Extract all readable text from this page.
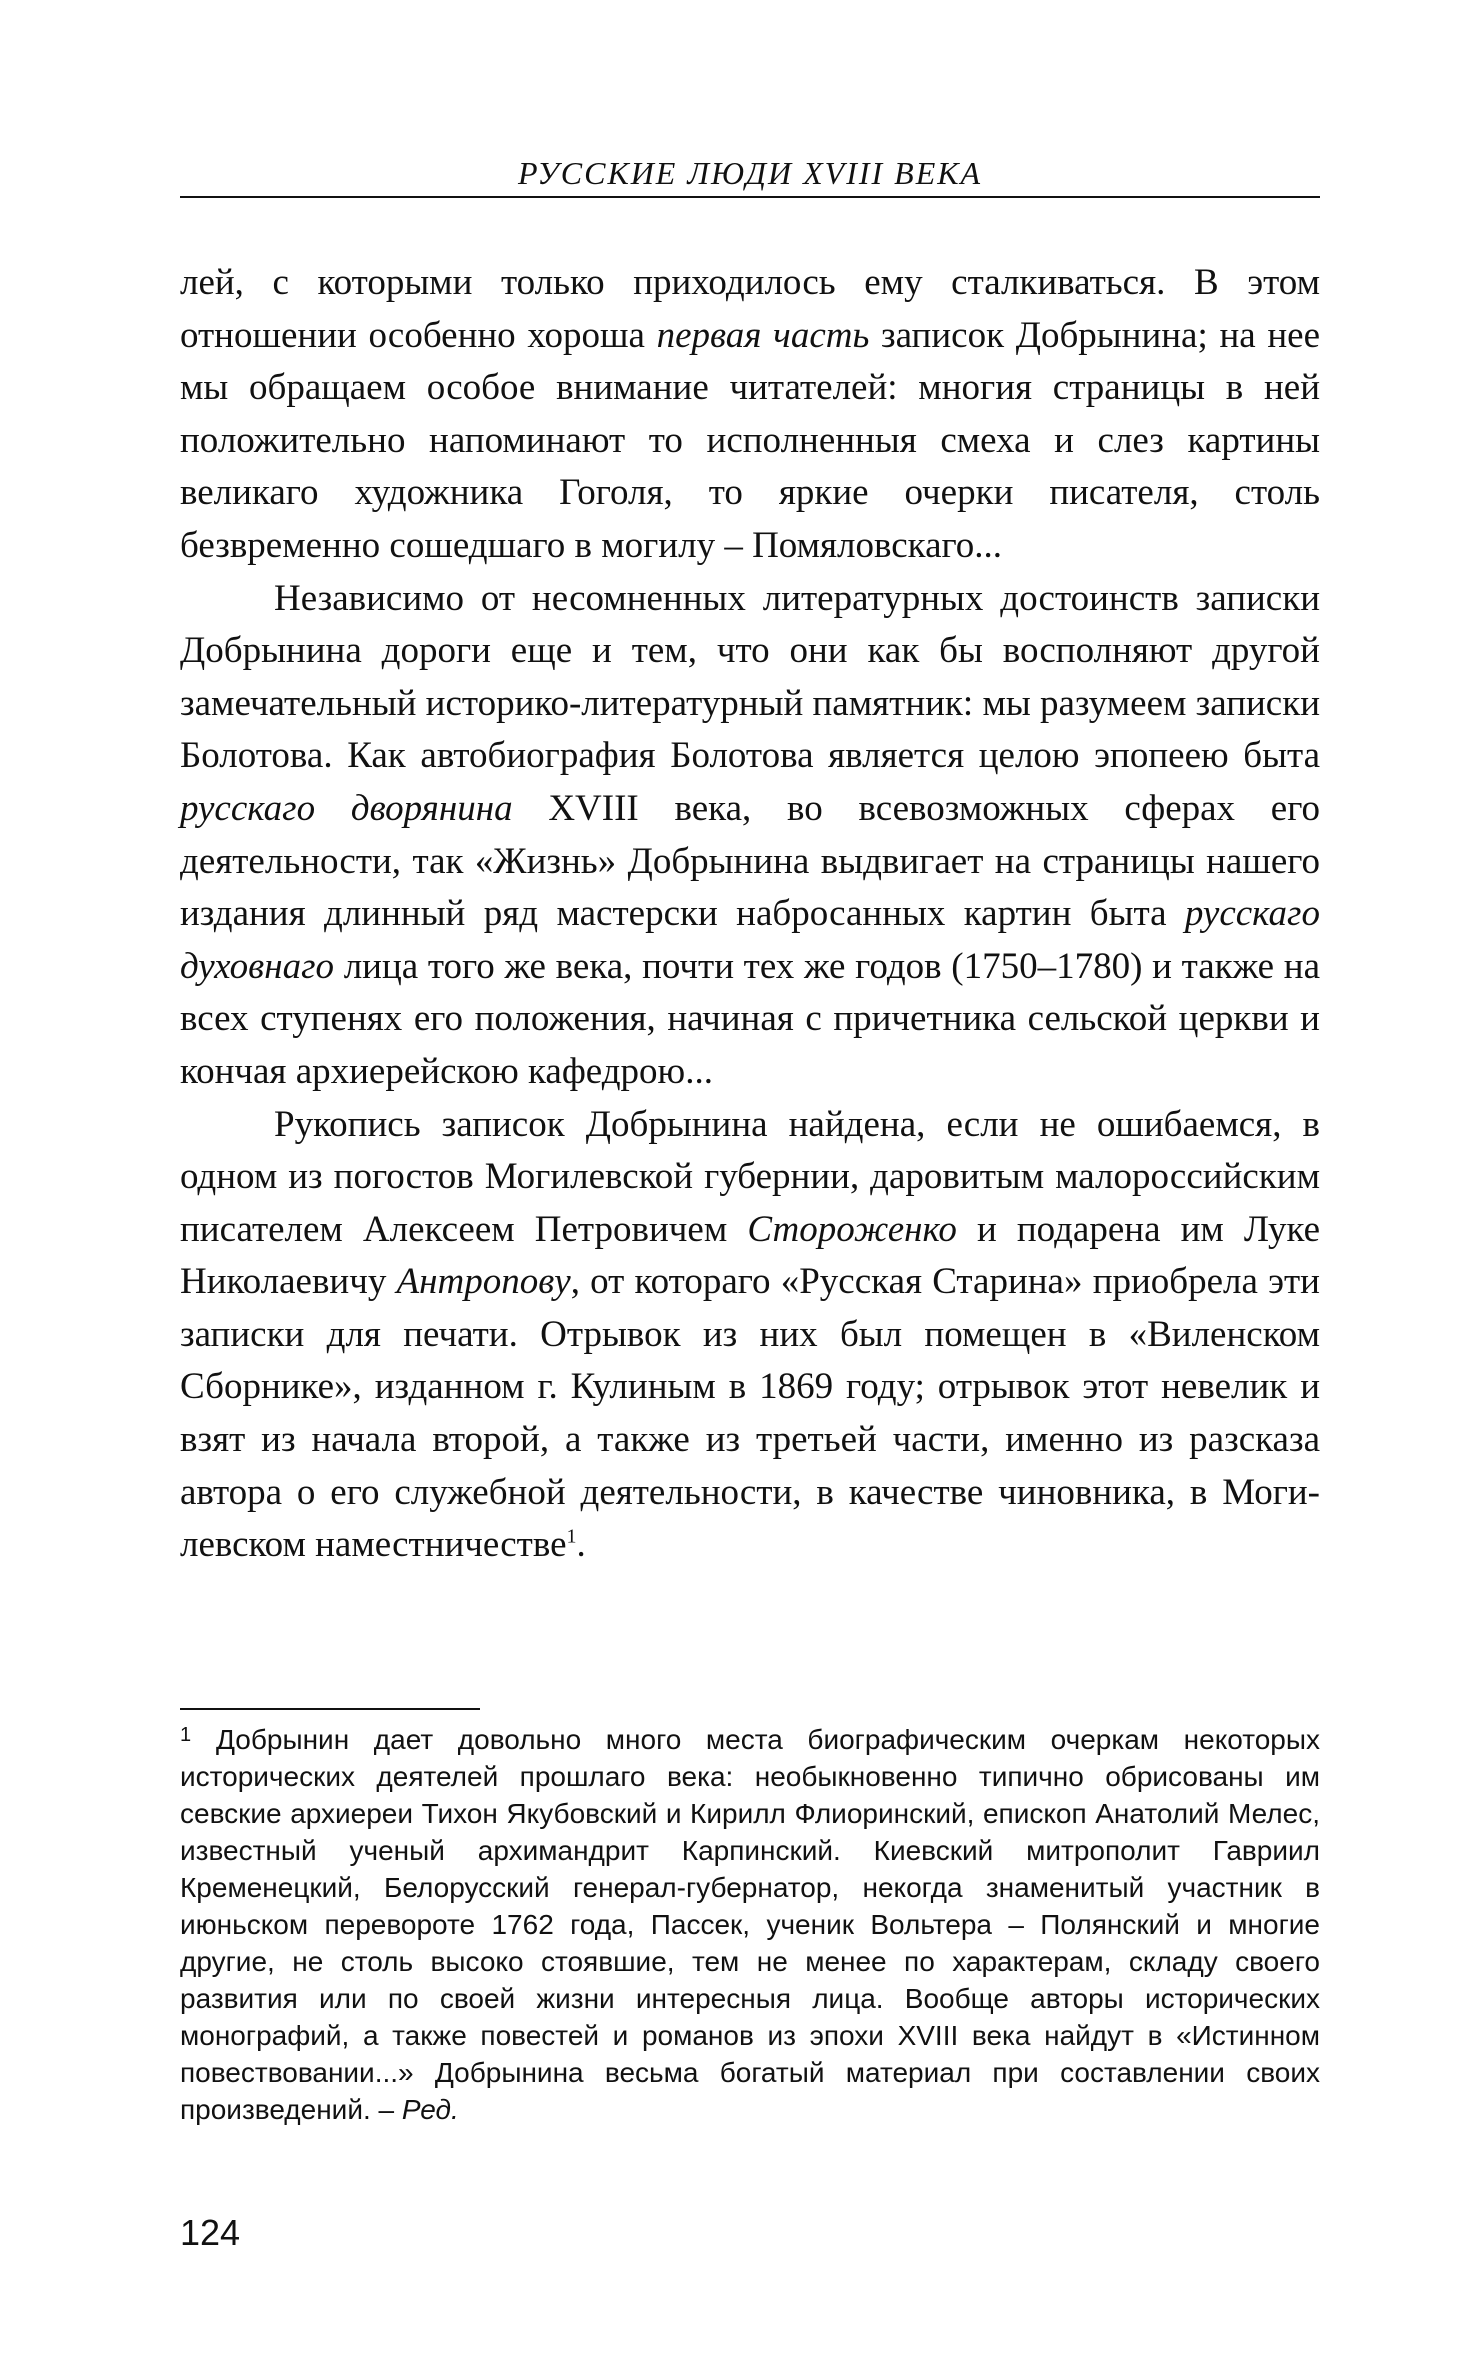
РУССКИЕ ЛЮДИ XVIII ВЕКА

лей, с которыми только приходилось ему сталкиваться. В этом отношении особенно хороша первая часть записок Добрынина; на нее мы обращаем особое внимание читателей: многия страницы в ней положительно напоминают то исполненныя смеха и слез картины великаго художника Гоголя, то яркие очерки писателя, столь безвременно сошедшаго в могилу – Помяловскаго...

Независимо от несомненных литературных достоинств записки Добрынина дороги еще и тем, что они как бы восполняют другой замечательный историко-литературный памятник: мы разумеем записки Болотова. Как автобиография Болотова является целою эпопеею быта русскаго дворянина XVIII века, во всевозможных сферах его деятельности, так «Жизнь» Добрынина выдвигает на страницы нашего издания длинный ряд мастерски набросанных картин быта русскаго духовнаго лица того же века, почти тех же годов (1750–1780) и также на всех ступенях его положения, начиная с причетника сельской церкви и кончая архиерейскою кафедрою...

Рукопись записок Добрынина найдена, если не ошибаемся, в одном из погостов Могилевской губернии, даровитым малороссийским писателем Алексеем Петровичем Стороженко и подарена им Луке Николаевичу Антропову, от котораго «Русская Старина» приобрела эти записки для печати. Отрывок из них был помещен в «Виленском Сборнике», изданном г. Кулиным в 1869 году; отрывок этот невелик и взят из начала второй, а также из третьей части, именно из разсказа автора о его служебной деятельности, в качестве чиновника, в Могилевском наместничестве$^1$.

1 Добрынин дает довольно много места биографическим очеркам некоторых исторических деятелей прошлаго века: необыкновенно типично обрисованы им севские архиереи Тихон Якубовский и Кирилл Флиоринский, епископ Анатолий Мелес, известный ученый архимандрит Карпинский. Киевский митрополит Гавриил Кременецкий, Белорусский генерал-губернатор, некогда знаменитый участник в июньском перевороте 1762 года, Пассек, ученик Вольтера – Полянский и многие другие, не столь высоко стоявшие, тем не менее по характерам, складу своего развития или по своей жизни интересныя лица. Вообще авторы исторических монографий, а также повестей и романов из эпохи XVIII века найдут в «Истинном повествовании...» Добрынина весьма богатый материал при составлении своих произведений. – Ред.
124
